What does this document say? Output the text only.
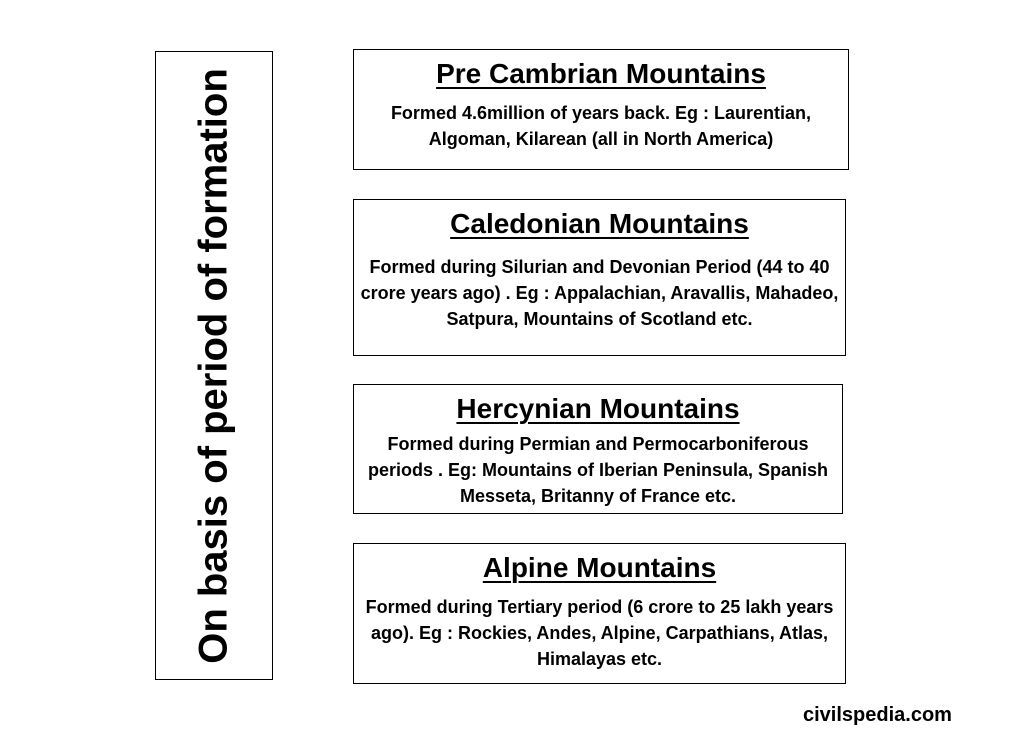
On basis of period of formation	Pre Cambrian Mountains
Formed 4.6million of years back. Eg : Laurentian, Algoman, Kilarean (all in North America)
Caledonian Mountains
Formed during Silurian and Devonian Period (44 to 40 crore years ago) . Eg : Appalachian, Aravallis, Mahadeo, Satpura, Mountains of Scotland etc.
Hercynian Mountains
Formed during Permian and Permocarboniferous periods . Eg: Mountains of Iberian Peninsula, Spanish Messeta, Britanny of France etc.
Alpine Mountains
Formed during Tertiary period (6 crore to 25 lakh years ago). Eg : Rockies, Andes, Alpine, Carpathians, Atlas, Himalayas etc.
civilspedia.com
